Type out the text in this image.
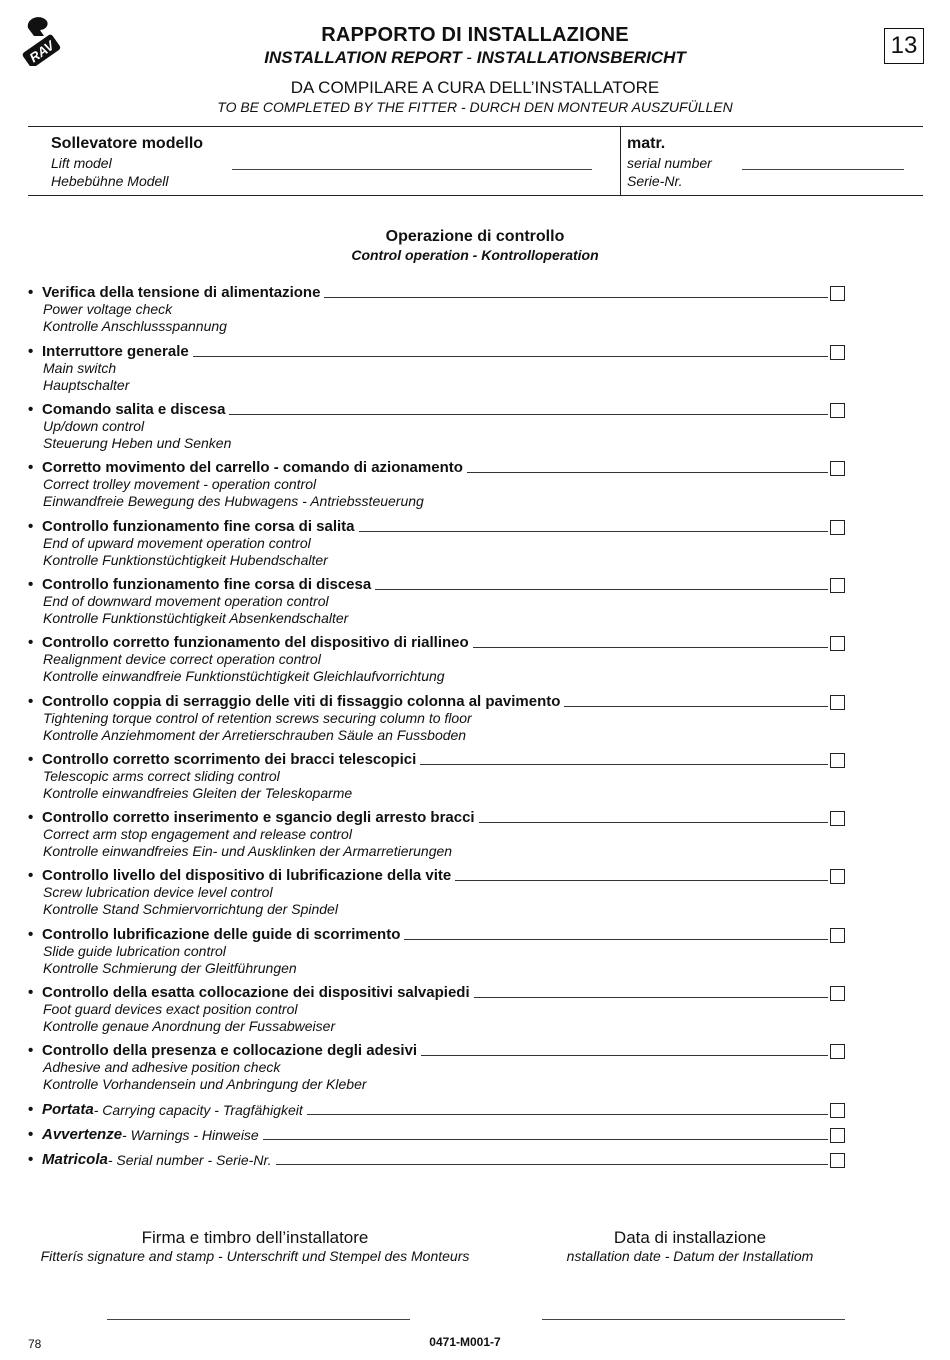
RAV
RAPPORTO DI INSTALLAZIONE
INSTALLATION REPORT - INSTALLATIONSBERICHT
DA COMPILARE A CURA DELL’INSTALLATORE
TO BE COMPLETED BY THE FITTER - DURCH DEN MONTEUR AUSZUFÜLLEN
13
Sollevatore modello
Lift model
Hebebühne Modell
matr.
serial number
Serie-Nr.
Operazione di controllo
Control operation - Kontrolloperation
• Verifica della tensione di alimentazione
Power voltage check
Kontrolle Anschlussspannung
• Interruttore generale
Main switch
Hauptschalter
• Comando salita e discesa
Up/down control
Steuerung Heben und Senken
• Corretto movimento del carrello - comando di azionamento
Correct trolley movement - operation control
Einwandfreie Bewegung des Hubwagens - Antriebssteuerung
• Controllo funzionamento fine corsa di salita
End of upward movement operation control
Kontrolle Funktionstüchtigkeit Hubendschalter
• Controllo funzionamento fine corsa di discesa
End of downward movement operation control
Kontrolle Funktionstüchtigkeit Absenkendschalter
• Controllo corretto funzionamento del dispositivo di riallineo
Realignment device correct operation control
Kontrolle einwandfreie Funktionstüchtigkeit Gleichlaufvorrichtung
• Controllo coppia di serraggio delle viti di fissaggio colonna al pavimento
Tightening torque control of retention screws securing column to floor
Kontrolle Anziehmoment der Arretierschrauben Säule an Fussboden
• Controllo corretto scorrimento dei bracci telescopici
Telescopic arms correct sliding control
Kontrolle einwandfreies Gleiten der Teleskoparme
• Controllo corretto inserimento e sgancio degli arresto bracci
Correct arm stop engagement and release control
Kontrolle einwandfreies Ein- und Ausklinken der Armarretierungen
• Controllo livello del dispositivo di lubrificazione della vite
Screw lubrication device level control
Kontrolle Stand Schmiervorrichtung der Spindel
• Controllo lubrificazione delle guide di scorrimento
Slide guide lubrication control
Kontrolle Schmierung der Gleitführungen
• Controllo della esatta collocazione dei dispositivi salvapiedi
Foot guard devices exact position control
Kontrolle genaue Anordnung der Fussabweiser
• Controllo della presenza e collocazione degli adesivi
Adhesive and adhesive position check
Kontrolle Vorhandensein und Anbringung der Kleber
• Portata - Carrying capacity - Tragfähigkeit
• Avvertenze - Warnings - Hinweise
• Matricola - Serial number - Serie-Nr.
Firma e timbro dell’installatore
Fitterís signature and stamp - Unterschrift und Stempel des Monteurs
Data di installazione
nstallation date - Datum der Installatiom
78	0471-M001-7
